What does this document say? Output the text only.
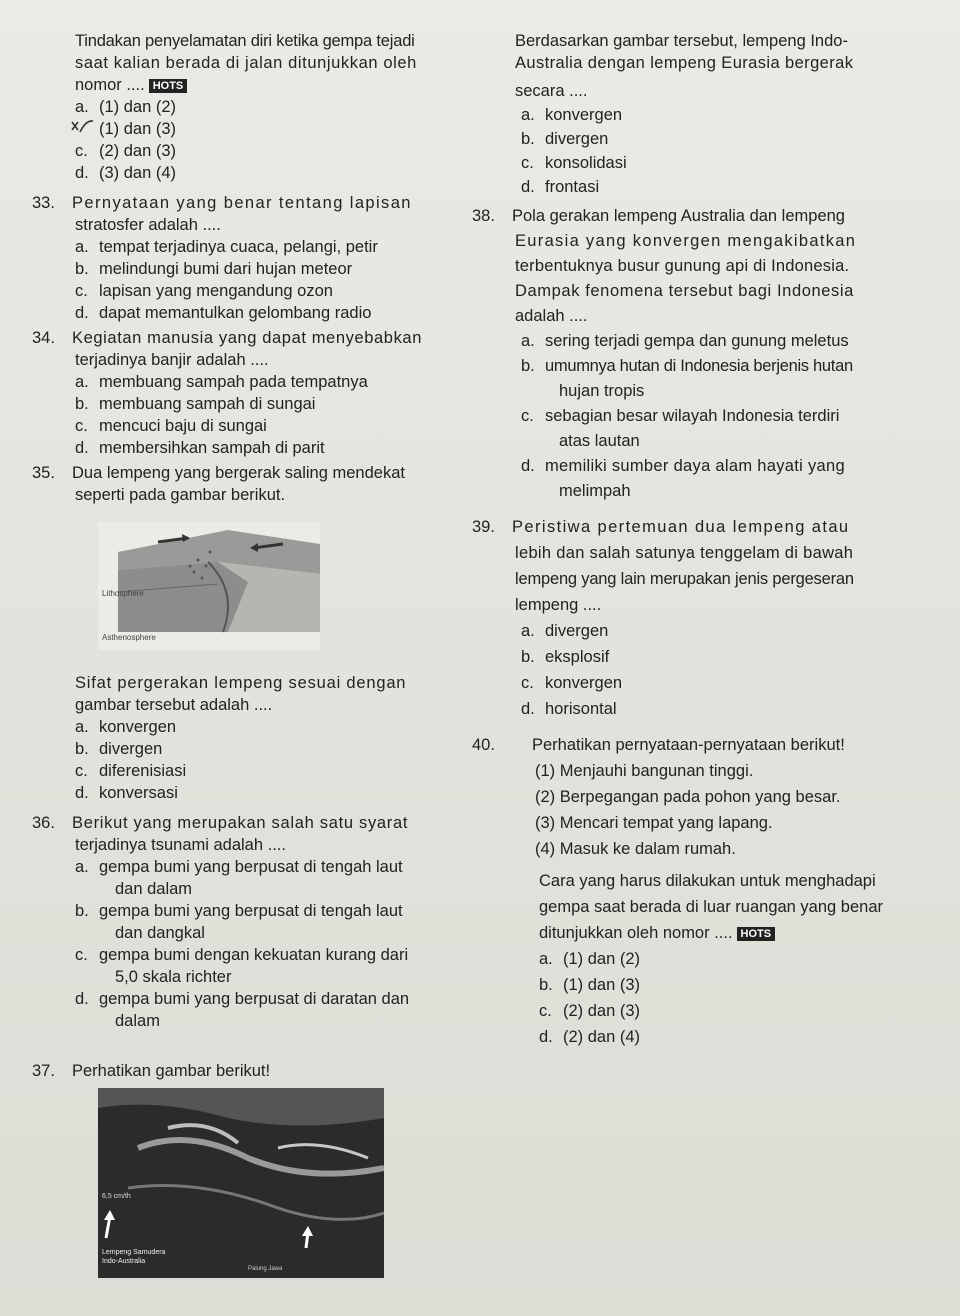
Tindakan penyelamatan diri ketika gempa tejadi
saat kalian berada di jalan ditunjukkan oleh
nomor .... HOTS
a. (1) dan (2)
(1) dan (3)
c. (2) dan (3)
d. (3) dan (4)
33. Pernyataan yang benar tentang lapisan
stratosfer adalah ....
a. tempat terjadinya cuaca, pelangi, petir
b. melindungi bumi dari hujan meteor
c. lapisan yang mengandung ozon
d. dapat memantulkan gelombang radio
34. Kegiatan manusia yang dapat menyebabkan
terjadinya banjir adalah ....
a. membuang sampah pada tempatnya
b. membuang sampah di sungai
c. mencuci baju di sungai
d. membersihkan sampah di parit
35. Dua lempeng yang bergerak saling mendekat
seperti pada gambar berikut.
Sifat pergerakan lempeng sesuai dengan
gambar tersebut adalah ....
a. konvergen
b. divergen
c. diferenisiasi
d. konversasi
36. Berikut yang merupakan salah satu syarat
terjadinya tsunami adalah ....
a. gempa bumi yang berpusat di tengah laut
dan dalam
b. gempa bumi yang berpusat di tengah laut
dan dangkal
c. gempa bumi dengan kekuatan kurang dari
5,0 skala richter
d. gempa bumi yang berpusat di daratan dan
dalam
37. Perhatikan gambar berikut!
Lithosphere
Asthenosphere
6,5 cm/th
Lempeng Samudera
Indo-Australia
Palung Jawa
Berdasarkan gambar tersebut, lempeng Indo-
Australia dengan lempeng Eurasia bergerak
secara ....
a. konvergen
b. divergen
c. konsolidasi
d. frontasi
38. Pola gerakan lempeng Australia dan lempeng
Eurasia yang konvergen mengakibatkan
terbentuknya busur gunung api di Indonesia.
Dampak fenomena tersebut bagi Indonesia
adalah ....
a. sering terjadi gempa dan gunung meletus
b. umumnya hutan di Indonesia berjenis hutan
hujan tropis
c. sebagian besar wilayah Indonesia terdiri
atas lautan
d. memiliki sumber daya alam hayati yang
melimpah
39. Peristiwa pertemuan dua lempeng atau
lebih dan salah satunya tenggelam di bawah
lempeng yang lain merupakan jenis pergeseran
lempeng ....
a. divergen
b. eksplosif
c. konvergen
d. horisontal
40. Perhatikan pernyataan-pernyataan berikut!
(1) Menjauhi bangunan tinggi.
(2) Berpegangan pada pohon yang besar.
(3) Mencari tempat yang lapang.
(4) Masuk ke dalam rumah.
Cara yang harus dilakukan untuk menghadapi
gempa saat berada di luar ruangan yang benar
ditunjukkan oleh nomor .... HOTS
a. (1) dan (2)
b. (1) dan (3)
c. (2) dan (3)
d. (2) dan (4)
